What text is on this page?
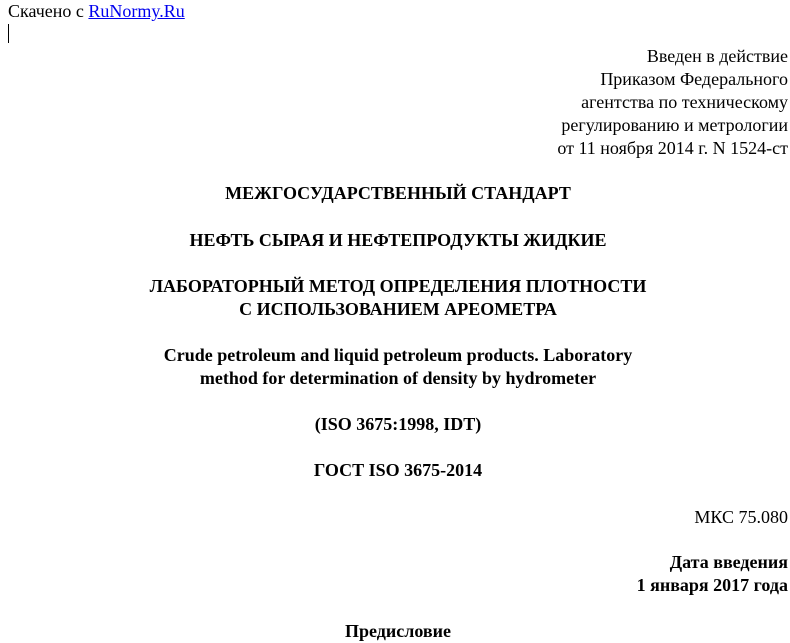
Скачено с RuNormy.Ru
Введен в действие
Приказом Федерального
агентства по техническому
регулированию и метрологии
от 11 ноября 2014 г. N 1524-ст
МЕЖГОСУДАРСТВЕННЫЙ СТАНДАРТ
НЕФТЬ СЫРАЯ И НЕФТЕПРОДУКТЫ ЖИДКИЕ
ЛАБОРАТОРНЫЙ МЕТОД ОПРЕДЕЛЕНИЯ ПЛОТНОСТИ
С ИСПОЛЬЗОВАНИЕМ АРЕОМЕТРА
Crude petroleum and liquid petroleum products. Laboratory
method for determination of density by hydrometer
(ISO 3675:1998, IDT)
ГОСТ ISO 3675-2014
МКС 75.080
Дата введения
1 января 2017 года
Предисловие
